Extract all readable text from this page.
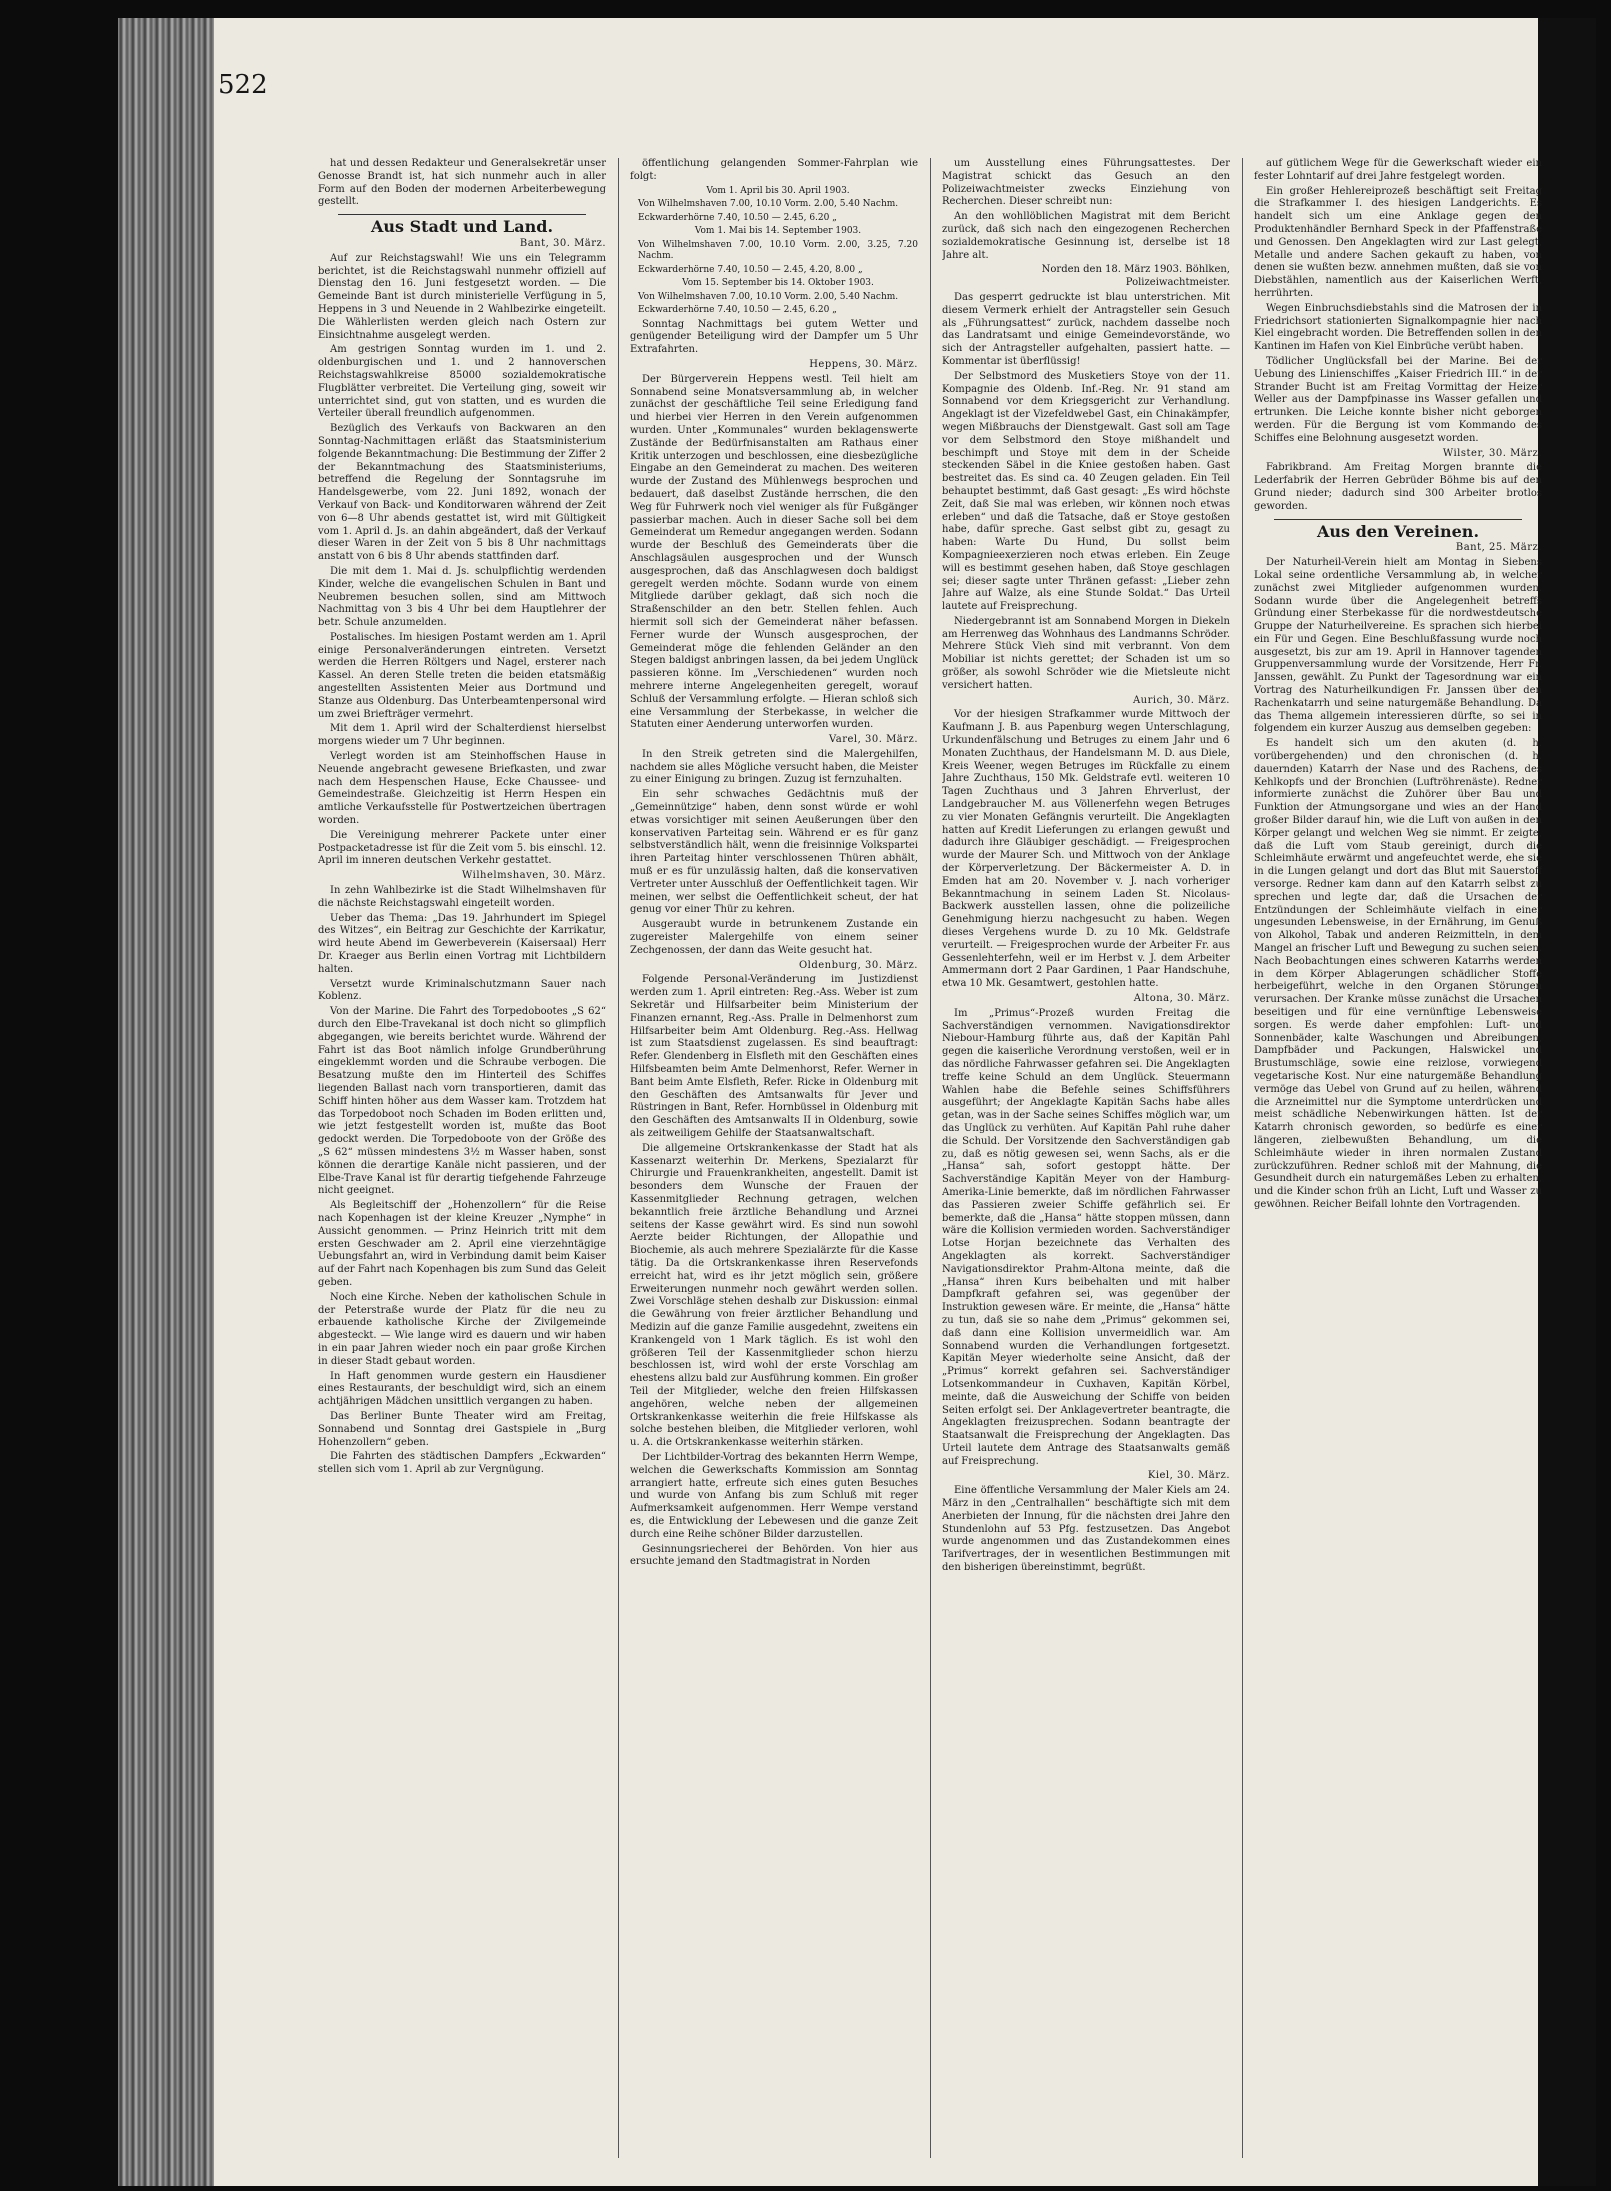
522

hat und dessen Redakteur und Generalsekretär unser Genosse Brandt ist, hat sich nunmehr auch in aller Form auf den Boden der modernen Arbeiterbewegung gestellt.

Aus Stadt und Land.
Bant, 30. März.

Auf zur Reichstagswahl! Wie uns ein Telegramm berichtet, ist die Reichstagswahl nunmehr offiziell auf Dienstag den 16. Juni festgesetzt worden. — Die Gemeinde Bant ist durch ministerielle Verfügung in 5, Heppens in 3 und Neuende in 2 Wahlbezirke eingeteilt. Die Wählerlisten werden gleich nach Ostern zur Einsichtnahme ausgelegt werden.

Am gestrigen Sonntag wurden im 1. und 2. oldenburgischen und 1. und 2 hannoverschen Reichstagswahlkreise 85000 sozialdemokratische Flugblätter verbreitet. Die Verteilung ging, soweit wir unterrichtet sind, gut von statten, und es wurden die Verteiler überall freundlich aufgenommen.

Bezüglich des Verkaufs von Backwaren an den Sonntag-Nachmittagen erläßt das Staatsministerium folgende Bekanntmachung: Die Bestimmung der Ziffer 2 der Bekanntmachung des Staatsministeriums, betreffend die Regelung der Sonntagsruhe im Handelsgewerbe, vom 22. Juni 1892, wonach der Verkauf von Back- und Konditorwaren während der Zeit von 6—8 Uhr abends gestattet ist, wird mit Gültigkeit vom 1. April d. Js. an dahin abgeändert, daß der Verkauf dieser Waren in der Zeit von 5 bis 8 Uhr nachmittags anstatt von 6 bis 8 Uhr abends stattfinden darf.

Die mit dem 1. Mai d. Js. schulpflichtig werdenden Kinder, welche die evangelischen Schulen in Bant und Neubremen besuchen sollen, sind am Mittwoch Nachmittag von 3 bis 4 Uhr bei dem Hauptlehrer der betr. Schule anzumelden.

Postalisches. Im hiesigen Postamt werden am 1. April einige Personalveränderungen eintreten. Versetzt werden die Herren Röltgers und Nagel, ersterer nach Kassel. An deren Stelle treten die beiden etatsmäßig angestellten Assistenten Meier aus Dortmund und Stanze aus Oldenburg. Das Unterbeamtenpersonal wird um zwei Briefträger vermehrt.

Mit dem 1. April wird der Schalterdienst hierselbst morgens wieder um 7 Uhr beginnen.

Verlegt worden ist am Steinhoffschen Hause in Neuende angebracht gewesene Briefkasten, und zwar nach dem Hespenschen Hause, Ecke Chaussee- und Gemeindestraße. Gleichzeitig ist Herrn Hespen ein amtliche Verkaufsstelle für Postwertzeichen übertragen worden.

Die Vereinigung mehrerer Packete unter einer Postpacketadresse ist für die Zeit vom 5. bis einschl. 12. April im inneren deutschen Verkehr gestattet.

Wilhelmshaven, 30. März.

In zehn Wahlbezirke ist die Stadt Wilhelmshaven für die nächste Reichstagswahl eingeteilt worden.

Ueber das Thema: „Das 19. Jahrhundert im Spiegel des Witzes“, ein Beitrag zur Geschichte der Karrikatur, wird heute Abend im Gewerbeverein (Kaisersaal) Herr Dr. Kraeger aus Berlin einen Vortrag mit Lichtbildern halten.

Versetzt wurde Kriminalschutzmann Sauer nach Koblenz.

Von der Marine. Die Fahrt des Torpedobootes „S 62“ durch den Elbe-Travekanal ist doch nicht so glimpflich abgegangen, wie bereits berichtet wurde. Während der Fahrt ist das Boot nämlich infolge Grundberührung eingeklemmt worden und die Schraube verbogen. Die Besatzung mußte den im Hinterteil des Schiffes liegenden Ballast nach vorn transportieren, damit das Schiff hinten höher aus dem Wasser kam. Trotzdem hat das Torpedoboot noch Schaden im Boden erlitten und, wie jetzt festgestellt worden ist, mußte das Boot gedockt werden. Die Torpedoboote von der Größe des „S 62“ müssen mindestens 3½ m Wasser haben, sonst können die derartige Kanäle nicht passieren, und der Elbe-Trave Kanal ist für derartig tiefgehende Fahrzeuge nicht geeignet.

Als Begleitschiff der „Hohenzollern“ für die Reise nach Kopenhagen ist der kleine Kreuzer „Nymphe“ in Aussicht genommen. — Prinz Heinrich tritt mit dem ersten Geschwader am 2. April eine vierzehntägige Uebungsfahrt an, wird in Verbindung damit beim Kaiser auf der Fahrt nach Kopenhagen bis zum Sund das Geleit geben.

Noch eine Kirche. Neben der katholischen Schule in der Peterstraße wurde der Platz für die neu zu erbauende katholische Kirche der Zivilgemeinde abgesteckt. — Wie lange wird es dauern und wir haben in ein paar Jahren wieder noch ein paar große Kirchen in dieser Stadt gebaut worden.

In Haft genommen wurde gestern ein Hausdiener eines Restaurants, der beschuldigt wird, sich an einem achtjährigen Mädchen unsittlich vergangen zu haben.

Das Berliner Bunte Theater wird am Freitag, Sonnabend und Sonntag drei Gastspiele in „Burg Hohenzollern“ geben.

Die Fahrten des städtischen Dampfers „Eckwarden“ stellen sich vom 1. April ab zur Vergnügung.

öffentlichung gelangenden Sommer-Fahrplan wie folgt:

Vom 1. April bis 30. April 1903.
Von Wilhelmshaven 7.00, 10.10 Vorm. 2.00, 5.40 Nachm.
Eckwarderhörne 7.40, 10.50 — 2.45, 6.20 „
Vom 1. Mai bis 14. September 1903.
Von Wilhelmshaven 7.00, 10.10 Vorm. 2.00, 3.25, 7.20 Nachm.
Eckwarderhörne 7.40, 10.50 — 2.45, 4.20, 8.00 „
Vom 15. September bis 14. Oktober 1903.
Von Wilhelmshaven 7.00, 10.10 Vorm. 2.00, 5.40 Nachm.
Eckwarderhörne 7.40, 10.50 — 2.45, 6.20 „

Sonntag Nachmittags bei gutem Wetter und genügender Beteiligung wird der Dampfer um 5 Uhr Extrafahrten.

Heppens, 30. März.

Der Bürgerverein Heppens westl. Teil hielt am Sonnabend seine Monatsversammlung ab, in welcher zunächst der geschäftliche Teil seine Erledigung fand und hierbei vier Herren in den Verein aufgenommen wurden. Unter „Kommunales“ wurden beklagenswerte Zustände der Bedürfnisanstalten am Rathaus einer Kritik unterzogen und beschlossen, eine diesbezügliche Eingabe an den Gemeinderat zu machen. Des weiteren wurde der Zustand des Mühlenwegs besprochen und bedauert, daß daselbst Zustände herrschen, die den Weg für Fuhrwerk noch viel weniger als für Fußgänger passierbar machen. Auch in dieser Sache soll bei dem Gemeinderat um Remedur angegangen werden. Sodann wurde der Beschluß des Gemeinderats über die Anschlagsäulen ausgesprochen und der Wunsch ausgesprochen, daß das Anschlagwesen doch baldigst geregelt werden möchte. Sodann wurde von einem Mitgliede darüber geklagt, daß sich noch die Straßenschilder an den betr. Stellen fehlen. Auch hiermit soll sich der Gemeinderat näher befassen. Ferner wurde der Wunsch ausgesprochen, der Gemeinderat möge die fehlenden Geländer an den Stegen baldigst anbringen lassen, da bei jedem Unglück passieren könne. Im „Verschiedenen“ wurden noch mehrere interne Angelegenheiten geregelt, worauf Schluß der Versammlung erfolgte. — Hieran schloß sich eine Versammlung der Sterbekasse, in welcher die Statuten einer Aenderung unterworfen wurden.

Varel, 30. März.

In den Streik getreten sind die Malergehilfen, nachdem sie alles Mögliche versucht haben, die Meister zu einer Einigung zu bringen. Zuzug ist fernzuhalten.

Ein sehr schwaches Gedächtnis muß der „Gemeinnützige“ haben, denn sonst würde er wohl etwas vorsichtiger mit seinen Aeußerungen über den konservativen Parteitag sein. Während er es für ganz selbstverständlich hält, wenn die freisinnige Volkspartei ihren Parteitag hinter verschlossenen Thüren abhält, muß er es für unzulässig halten, daß die konservativen Vertreter unter Ausschluß der Oeffentlichkeit tagen. Wir meinen, wer selbst die Oeffentlichkeit scheut, der hat genug vor einer Thür zu kehren.

Ausgeraubt wurde in betrunkenem Zustande ein zugereister Malergehilfe von einem seiner Zechgenossen, der dann das Weite gesucht hat.

Oldenburg, 30. März.

Folgende Personal-Veränderung im Justizdienst werden zum 1. April eintreten: Reg.-Ass. Weber ist zum Sekretär und Hilfsarbeiter beim Ministerium der Finanzen ernannt, Reg.-Ass. Pralle in Delmenhorst zum Hilfsarbeiter beim Amt Oldenburg. Reg.-Ass. Hellwag ist zum Staatsdienst zugelassen. Es sind beauftragt: Refer. Glendenberg in Elsfleth mit den Geschäften eines Hilfsbeamten beim Amte Delmenhorst, Refer. Werner in Bant beim Amte Elsfleth, Refer. Ricke in Oldenburg mit den Geschäften des Amtsanwalts für Jever und Rüstringen in Bant, Refer. Hornbüssel in Oldenburg mit den Geschäften des Amtsanwalts II in Oldenburg, sowie als zeitweiligem Gehilfe der Staatsanwaltschaft.

Die allgemeine Ortskrankenkasse der Stadt hat als Kassenarzt weiterhin Dr. Merkens, Spezialarzt für Chirurgie und Frauenkrankheiten, angestellt. Damit ist besonders dem Wunsche der Frauen der Kassenmitglieder Rechnung getragen, welchen bekanntlich freie ärztliche Behandlung und Arznei seitens der Kasse gewährt wird. Es sind nun sowohl Aerzte beider Richtungen, der Allopathie und Biochemie, als auch mehrere Spezialärzte für die Kasse tätig. Da die Ortskrankenkasse ihren Reservefonds erreicht hat, wird es ihr jetzt möglich sein, größere Erweiterungen nunmehr noch gewährt werden sollen. Zwei Vorschläge stehen deshalb zur Diskussion: einmal die Gewährung von freier ärztlicher Behandlung und Medizin auf die ganze Familie ausgedehnt, zweitens ein Krankengeld von 1 Mark täglich. Es ist wohl den größeren Teil der Kassenmitglieder schon hierzu beschlossen ist, wird wohl der erste Vorschlag am ehestens allzu bald zur Ausführung kommen. Ein großer Teil der Mitglieder, welche den freien Hilfskassen angehören, welche neben der allgemeinen Ortskrankenkasse weiterhin die freie Hilfskasse als solche bestehen bleiben, die Mitglieder verloren, wohl u. A. die Ortskrankenkasse weiterhin stärken.

Der Lichtbilder-Vortrag des bekannten Herrn Wempe, welchen die Gewerkschafts Kommission am Sonntag arrangiert hatte, erfreute sich eines guten Besuches und wurde von Anfang bis zum Schluß mit reger Aufmerksamkeit aufgenommen. Herr Wempe verstand es, die Entwicklung der Lebewesen und die ganze Zeit durch eine Reihe schöner Bilder darzustellen.

Gesinnungsriecherei der Behörden. Von hier aus ersuchte jemand den Stadtmagistrat in Norden

um Ausstellung eines Führungsattestes. Der Magistrat schickt das Gesuch an den Polizeiwachtmeister zwecks Einziehung von Recherchen. Dieser schreibt nun:

An den wohllöblichen Magistrat mit dem Bericht zurück, daß sich nach den eingezogenen Recherchen sozialdemokratische Gesinnung ist, derselbe ist 18 Jahre alt.

Norden den 18. März 1903. Böhlken, Polizeiwachtmeister.

Das gesperrt gedruckte ist blau unterstrichen. Mit diesem Vermerk erhielt der Antragsteller sein Gesuch als „Führungsattest“ zurück, nachdem dasselbe noch das Landratsamt und einige Gemeindevorstände, wo sich der Antragsteller aufgehalten, passiert hatte. — Kommentar ist überflüssig!

Der Selbstmord des Musketiers Stoye von der 11. Kompagnie des Oldenb. Inf.-Reg. Nr. 91 stand am Sonnabend vor dem Kriegsgericht zur Verhandlung. Angeklagt ist der Vizefeldwebel Gast, ein Chinakämpfer, wegen Mißbrauchs der Dienstgewalt. Gast soll am Tage vor dem Selbstmord den Stoye mißhandelt und beschimpft und Stoye mit dem in der Scheide steckenden Säbel in die Kniee gestoßen haben. Gast bestreitet das. Es sind ca. 40 Zeugen geladen. Ein Teil behauptet bestimmt, daß Gast gesagt: „Es wird höchste Zeit, daß Sie mal was erleben, wir können noch etwas erleben“ und daß die Tatsache, daß er Stoye gestoßen habe, dafür spreche. Gast selbst gibt zu, gesagt zu haben: Warte Du Hund, Du sollst beim Kompagnieexerzieren noch etwas erleben. Ein Zeuge will es bestimmt gesehen haben, daß Stoye geschlagen sei; dieser sagte unter Thränen gefasst: „Lieber zehn Jahre auf Walze, als eine Stunde Soldat.“ Das Urteil lautete auf Freisprechung.

Niedergebrannt ist am Sonnabend Morgen in Diekeln am Herrenweg das Wohnhaus des Landmanns Schröder. Mehrere Stück Vieh sind mit verbrannt. Von dem Mobiliar ist nichts gerettet; der Schaden ist um so größer, als sowohl Schröder wie die Mietsleute nicht versichert hatten.

Aurich, 30. März.

Vor der hiesigen Strafkammer wurde Mittwoch der Kaufmann J. B. aus Papenburg wegen Unterschlagung, Urkundenfälschung und Betruges zu einem Jahr und 6 Monaten Zuchthaus, der Handelsmann M. D. aus Diele, Kreis Weener, wegen Betruges im Rückfalle zu einem Jahre Zuchthaus, 150 Mk. Geldstrafe evtl. weiteren 10 Tagen Zuchthaus und 3 Jahren Ehrverlust, der Landgebraucher M. aus Völlenerfehn wegen Betruges zu vier Monaten Gefängnis verurteilt. Die Angeklagten hatten auf Kredit Lieferungen zu erlangen gewußt und dadurch ihre Gläubiger geschädigt. — Freigesprochen wurde der Maurer Sch. und Mittwoch von der Anklage der Körperverletzung. Der Bäckermeister A. D. in Emden hat am 20. November v. J. nach vorheriger Bekanntmachung in seinem Laden St. Nicolaus-Backwerk ausstellen lassen, ohne die polizeiliche Genehmigung hierzu nachgesucht zu haben. Wegen dieses Vergehens wurde D. zu 10 Mk. Geldstrafe verurteilt. — Freigesprochen wurde der Arbeiter Fr. aus Gessenlehterfehn, weil er im Herbst v. J. dem Arbeiter Ammermann dort 2 Paar Gardinen, 1 Paar Handschuhe, etwa 10 Mk. Gesamtwert, gestohlen hatte.

Altona, 30. März.

Im „Primus“-Prozeß wurden Freitag die Sachverständigen vernommen. Navigationsdirektor Niebour-Hamburg führte aus, daß der Kapitän Pahl gegen die kaiserliche Verordnung verstoßen, weil er in das nördliche Fahrwasser gefahren sei. Die Angeklagten treffe keine Schuld an dem Unglück. Steuermann Wahlen habe die Befehle seines Schiffsführers ausgeführt; der Angeklagte Kapitän Sachs habe alles getan, was in der Sache seines Schiffes möglich war, um das Unglück zu verhüten. Auf Kapitän Pahl ruhe daher die Schuld. Der Vorsitzende den Sachverständigen gab zu, daß es nötig gewesen sei, wenn Sachs, als er die „Hansa“ sah, sofort gestoppt hätte. Der Sachverständige Kapitän Meyer von der Hamburg-Amerika-Linie bemerkte, daß im nördlichen Fahrwasser das Passieren zweier Schiffe gefährlich sei. Er bemerkte, daß die „Hansa“ hätte stoppen müssen, dann wäre die Kollision vermieden worden. Sachverständiger Lotse Horjan bezeichnete das Verhalten des Angeklagten als korrekt. Sachverständiger Navigationsdirektor Prahm-Altona meinte, daß die „Hansa“ ihren Kurs beibehalten und mit halber Dampfkraft gefahren sei, was gegenüber der Instruktion gewesen wäre. Er meinte, die „Hansa“ hätte zu tun, daß sie so nahe dem „Primus“ gekommen sei, daß dann eine Kollision unvermeidlich war. Am Sonnabend wurden die Verhandlungen fortgesetzt. Kapitän Meyer wiederholte seine Ansicht, daß der „Primus“ korrekt gefahren sei. Sachverständiger Lotsenkommandeur in Cuxhaven, Kapitän Körbel, meinte, daß die Ausweichung der Schiffe von beiden Seiten erfolgt sei. Der Anklagevertreter beantragte, die Angeklagten freizusprechen. Sodann beantragte der Staatsanwalt die Freisprechung der Angeklagten. Das Urteil lautete dem Antrage des Staatsanwalts gemäß auf Freisprechung.

Kiel, 30. März.

Eine öffentliche Versammlung der Maler Kiels am 24. März in den „Centralhallen“ beschäftigte sich mit dem Anerbieten der Innung, für die nächsten drei Jahre den Stundenlohn auf 53 Pfg. festzusetzen. Das Angebot wurde angenommen und das Zustandekommen eines Tarifvertrages, der in wesentlichen Bestimmungen mit den bisherigen übereinstimmt, begrüßt.

auf gütlichem Wege für die Gewerkschaft wieder ein fester Lohntarif auf drei Jahre festgelegt worden.

Ein großer Hehlereiprozeß beschäftigt seit Freitag die Strafkammer I. des hiesigen Landgerichts. Es handelt sich um eine Anklage gegen den Produktenhändler Bernhard Speck in der Pfaffenstraße und Genossen. Den Angeklagten wird zur Last gelegt, Metalle und andere Sachen gekauft zu haben, von denen sie wußten bezw. annehmen mußten, daß sie von Diebstählen, namentlich aus der Kaiserlichen Werft, herrührten.

Wegen Einbruchsdiebstahls sind die Matrosen der in Friedrichsort stationierten Signalkompagnie hier nach Kiel eingebracht worden. Die Betreffenden sollen in den Kantinen im Hafen von Kiel Einbrüche verübt haben.

Tödlicher Unglücksfall bei der Marine. Bei der Uebung des Linienschiffes „Kaiser Friedrich III.“ in der Strander Bucht ist am Freitag Vormittag der Heizer Weller aus der Dampfpinasse ins Wasser gefallen und ertrunken. Die Leiche konnte bisher nicht geborgen werden. Für die Bergung ist vom Kommando des Schiffes eine Belohnung ausgesetzt worden.

Wilster, 30. März.

Fabrikbrand. Am Freitag Morgen brannte die Lederfabrik der Herren Gebrüder Böhme bis auf den Grund nieder; dadurch sind 300 Arbeiter brotlos geworden.

Aus den Vereinen.
Bant, 25. März.

Der Naturheil-Verein hielt am Montag in Siebens Lokal seine ordentliche Versammlung ab, in welcher zunächst zwei Mitglieder aufgenommen wurden. Sodann wurde über die Angelegenheit betreffs Gründung einer Sterbekasse für die nordwestdeutsche Gruppe der Naturheilvereine. Es sprachen sich hierbei ein Für und Gegen. Eine Beschlußfassung wurde noch ausgesetzt, bis zur am 19. April in Hannover tagenden Gruppenversammlung wurde der Vorsitzende, Herr Fr. Janssen, gewählt. Zu Punkt der Tagesordnung war ein Vortrag des Naturheilkundigen Fr. Janssen über den Rachenkatarrh und seine naturgemäße Behandlung. Da das Thema allgemein interessieren dürfte, so sei in folgendem ein kurzer Auszug aus demselben gegeben:

Es handelt sich um den akuten (d. h. vorübergehenden) und den chronischen (d. h. dauernden) Katarrh der Nase und des Rachens, des Kehlkopfs und der Bronchien (Luftröhrenäste). Redner informierte zunächst die Zuhörer über Bau und Funktion der Atmungsorgane und wies an der Hand großer Bilder darauf hin, wie die Luft von außen in den Körper gelangt und welchen Weg sie nimmt. Er zeigte, daß die Luft vom Staub gereinigt, durch die Schleimhäute erwärmt und angefeuchtet werde, ehe sie in die Lungen gelangt und dort das Blut mit Sauerstoff versorge. Redner kam dann auf den Katarrh selbst zu sprechen und legte dar, daß die Ursachen der Entzündungen der Schleimhäute vielfach in einer ungesunden Lebensweise, in der Ernährung, im Genuß von Alkohol, Tabak und anderen Reizmitteln, in dem Mangel an frischer Luft und Bewegung zu suchen seien. Nach Beobachtungen eines schweren Katarrhs werden in dem Körper Ablagerungen schädlicher Stoffe herbeigeführt, welche in den Organen Störungen verursachen. Der Kranke müsse zunächst die Ursachen beseitigen und für eine vernünftige Lebensweise sorgen. Es werde daher empfohlen: Luft- und Sonnenbäder, kalte Waschungen und Abreibungen, Dampfbäder und Packungen, Halswickel und Brustumschläge, sowie eine reizlose, vorwiegend vegetarische Kost. Nur eine naturgemäße Behandlung vermöge das Uebel von Grund auf zu heilen, während die Arzneimittel nur die Symptome unterdrücken und meist schädliche Nebenwirkungen hätten. Ist der Katarrh chronisch geworden, so bedürfe es einer längeren, zielbewußten Behandlung, um die Schleimhäute wieder in ihren normalen Zustand zurückzuführen. Redner schloß mit der Mahnung, die Gesundheit durch ein naturgemäßes Leben zu erhalten, und die Kinder schon früh an Licht, Luft und Wasser zu gewöhnen. Reicher Beifall lohnte den Vortragenden.
